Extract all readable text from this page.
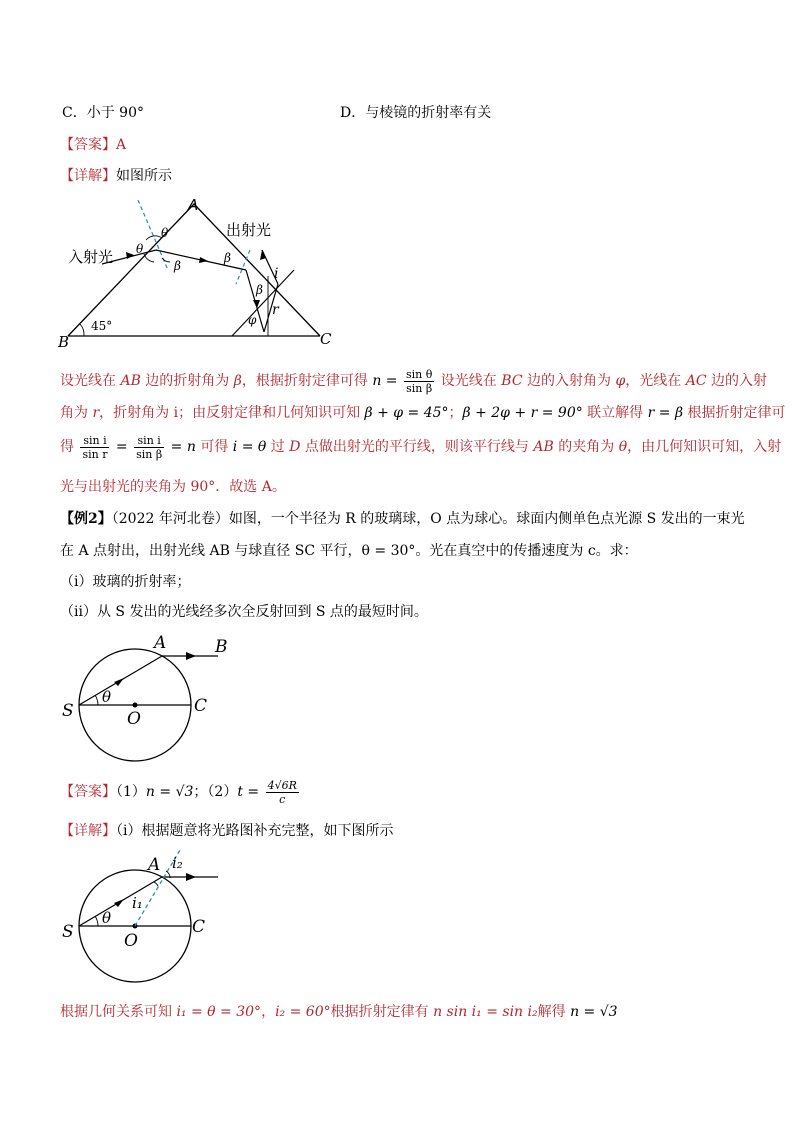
C．小于 90°	D．与棱镜的折射率有关
【答案】A
【详解】如图所示
A
B	C
入射光
出射光
θ
θ
β
β
β
i
r
φ
45°
设光线在 AB 边的折射角为 β，根据折射定律可得 $n = \frac{\text{sin θ}}{\text{sin β}}$ 设光线在 BC 边的入射角为 φ，光线在 AC 边的入射
角为 r，折射角为 i；由反射定律和几何知识可知 β + φ = 45°；β + 2φ + r = 90° 联立解得 r = β 根据折射定律可
得 $\frac{\text{sin i}}{\text{sin r}} = \frac{\text{sin i}}{\text{sin β}} = n$ 可得 i = θ 过 D 点做出射光的平行线，则该平行线与 AB 的夹角为 θ，由几何知识可知，入射
光与出射光的夹角为 90°．故选 A。
【例2】（2022 年河北卷）如图，一个半径为 R 的玻璃球，O 点为球心。球面内侧单色点光源 S 发出的一束光
在 A 点射出，出射光线 AB 与球直径 SC 平行，θ = 30°。光在真空中的传播速度为 c。求：
（i）玻璃的折射率；
（ii）从 S 发出的光线经多次全反射回到 S 点的最短时间。
A	B
S	O
C
θ
【答案】（1）n = √3；$(2)t = \frac{4√6R}{c}$
【详解】（i）根据题意将光路图补充完整，如下图所示
A i₂
i₁
S	O
C
θ
根据几何关系可知 i₁ = θ = 30°，i₂ = 60°根据折射定律有 n sin i₁ = sin i₂解得 n = √3
